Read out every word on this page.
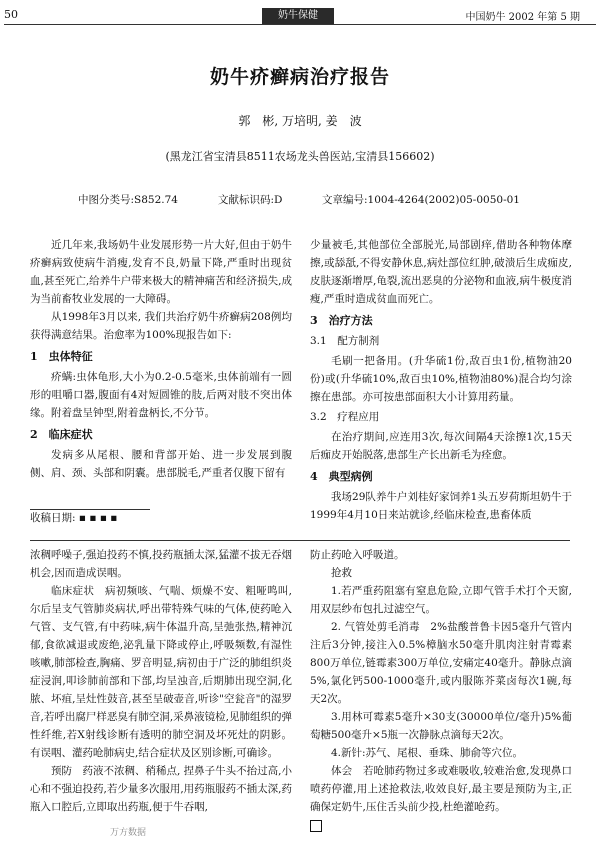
50	奶牛保健	中国奶牛 2002 年第 5 期
奶牛疥癣病治疗报告
郭　彬, 万培明, 姜　波
(黑龙江省宝清县8511农场龙头兽医站,宝清县156602)
中图分类号:S852.74	文献标识码:D	文章编号:1004-4264(2002)05-0050-01

近几年来,我场奶牛业发展形势一片大好,但由于奶牛疥癣病致使病牛消瘦,发育不良,奶量下降,严重时出现贫血,甚至死亡,给养牛户带来极大的精神痛苦和经济损失,成为当前畜牧业发展的一大障碍。

从1998年3月以来, 我们共治疗奶牛疥癣病208例均获得满意结果。治愈率为100%现报告如下:

1　虫体特征

疥螨:虫体龟形,大小为0.2-0.5毫米,虫体前端有一圆形的咀嚼口器,腹面有4对短圆锥的肢,后两对肢不突出体缘。附着盘呈钟型,附着盘柄长,不分节。

2　临床症状

发病多从尾根、腰和背部开始、进一步发展到腹侧、肩、颈、头部和阴囊。患部脱毛,严重者仅腹下留有

收稿日期: ▪ ▪ ▪ ▪

少量被毛,其他部位全部脱光,局部剧痒,借助各种物体摩擦,或舔舐,不得安静休息,病灶部位红肿,破溃后生成痂皮,皮肤逐渐增厚,龟裂,流出恶臭的分泌物和血液,病牛极度消瘦,严重时造成贫血而死亡。

3　治疗方法
3.1　配方制剂

毛刷一把备用。(升华硫1份,敌百虫1份,植物油20份)或(升华硫10%,敌百虫10%,植物油80%)混合均匀涂擦在患部。亦可按患部面积大小计算用药量。

3.2　疗程应用

在治疗期间,应连用3次,每次间隔4天涂擦1次,15天后痂皮开始脱落,患部生产长出新毛为痊愈。

4　典型病例

我场29队养牛户刘桂好家饲养1头五岁荷斯坦奶牛于1999年4月10日来站就诊,经临床检查,患畜体质

浓稠呼噪子,强迫投药不慎,投药瓶插太深,猛灌不拔无吞烟机会,因而造成误咽。

临床症状　病初频咳、气喘、烦燥不安、粗哑鸣叫,尔后呈支气管肺炎病状,呼出带特殊气味的气体,使药呛入气管、支气管,有中药味,病牛体温升高,呈弛张热,精神沉郁,食欲减退或废绝,泌乳量下降或停止,呼吸频数,有湿性咳嗽,肺部检查,胸痛、罗音明显,病初由于广泛的肺组织炎症浸润,叩诊肺前部和下部,均呈浊音,后期肺出现空洞,化脓、坏疽,呈灶性鼓音,甚至呈破壶音,听诊"空瓮音"的湿罗音,若呼出腐尸样恶臭有肺空洞,采鼻液镜检,见肺组织的弹性纤维,若X射线诊断有透明的肺空洞及坏死灶的阴影。有误咽、灌药呛肺病史,结合症状及区别诊断,可确诊。

预防　药液不浓稠、稍稀点, 捏鼻子牛头不抬过高,小心和不强迫投药,若少量多次服用,用药瓶服药不插太深,药瓶入口腔后,立即取出药瓶,便于牛吞咽,

防止药呛入呼吸道。

抢救

1.若严重药阻塞有窒息危险,立即气管手术打个天窗,用双层纱布包扎过滤空气。

2. 气管处剪毛消毒　2%盐酸普鲁卡因5毫升气管内注后3分钟,接注入0.5%樟脑水50毫升肌肉注射青霉素800万单位,链霉素300万单位,安痛定40毫升。静脉点滴5%,氯化钙500-1000毫升,或内服陈芥菜卤每次1碗,每天2次。

3.用林可霉素5毫升×30支(30000单位/毫升)5%葡萄糖500毫升×5瓶一次静脉点滴每天2次。

4.新针:苏气、尾根、垂珠、肺俞等穴位。

体会　若呛肺药物过多或难吸收,较难治愈,发现鼻口喷药停灌,用上述抢救法,收效良好,最主要是预防为主,正确保定奶牛,压住舌头前少投,杜绝灌呛药。

万方数据
